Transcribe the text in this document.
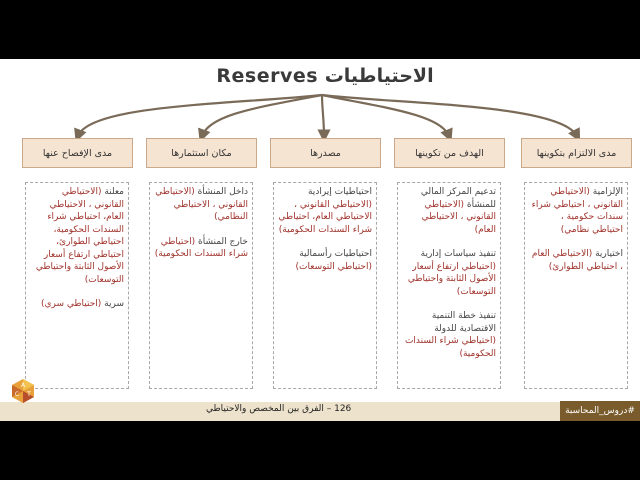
الاحتياطيات Reserves
مدى الالتزام بتكوينها
الهدف من تكوينها
مصدرها
مكان استثمارها
مدى الإفصاح عنها

الإلزامية (الاحتياطي القانوني ، احتياطي شراء سندات حكومية ، احتياطي نظامي)

اختيارية (الاحتياطي العام ، احتياطي الطوارئ)

تدعيم المركز المالي للمنشأة (الاحتياطي القانوني ، الاحتياطي العام)

تنفيذ سياسات إدارية (احتياطي ارتفاع أسعار الأصول الثابتة واحتياطي التوسعات)

تنفيذ خطة التنمية الاقتصادية للدولة (احتياطي شراء السندات الحكومية)

احتياطيات إيرادية (الاحتياطي القانوني ، الاحتياطي العام، احتياطي شراء السندات الحكومية)

احتياطيات رأسمالية (احتياطي التوسعات)

داخل المنشأة (الاحتياطي القانوني ، الاحتياطي النظامي)

خارج المنشأة (احتياطي شراء السندات الحكومية)

معلنة (الاحتياطي القانوني ، الاحتياطي العام، احتياطي شراء السندات الحكومية، احتياطي الطوارئ، احتياطي ارتفاع أسعار الأصول الثابتة واحتياطي التوسعات)

سرية (احتياطي سري)

126 – الفرق بين المخصص والاحتياطي	#دروس_المحاسبة
A
C T
